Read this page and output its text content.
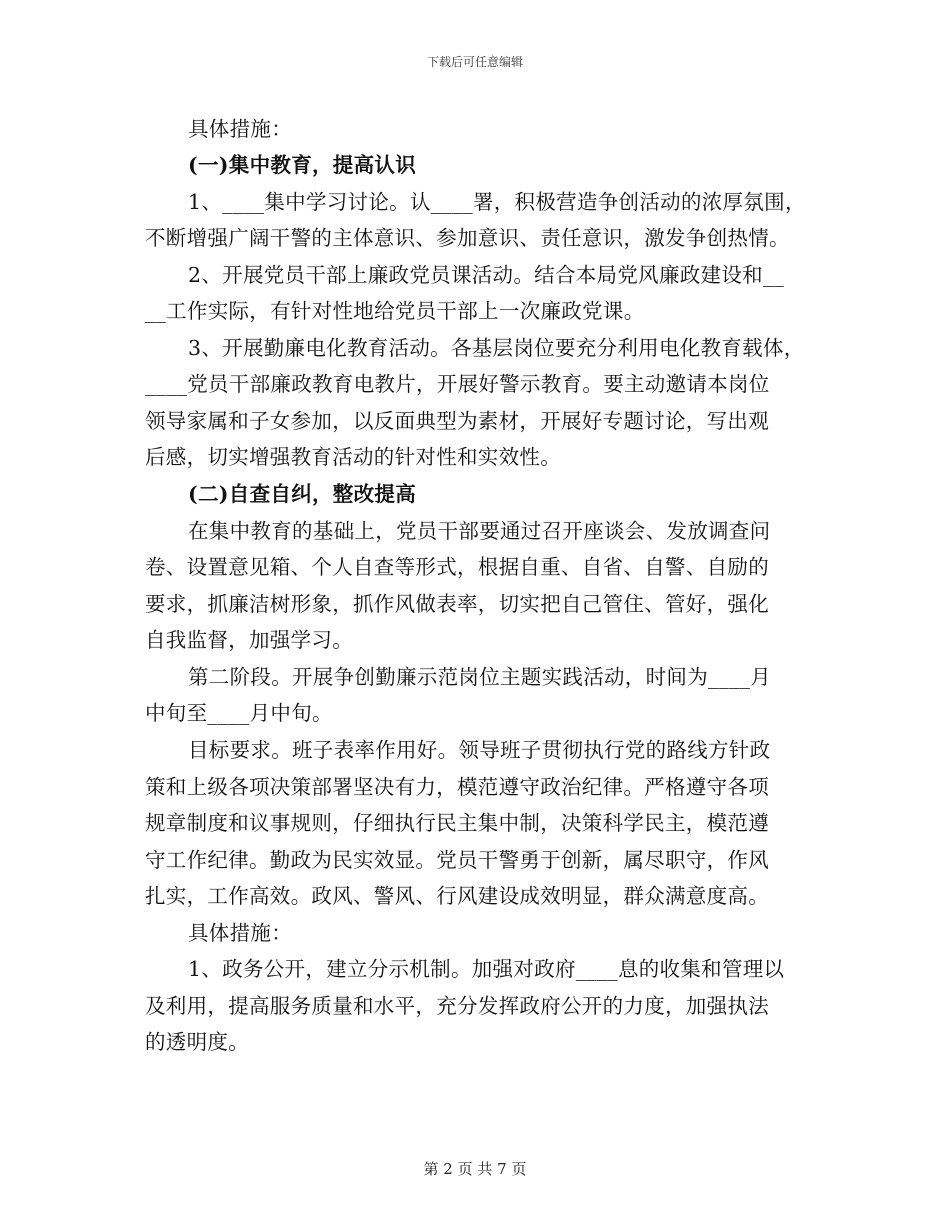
下载后可任意编辑
具体措施：
(一)集中教育，提高认识
1、____集中学习讨论。认____署，积极营造争创活动的浓厚氛围，
不断增强广阔干警的主体意识、参加意识、责任意识，激发争创热情。
2、开展党员干部上廉政党员课活动。结合本局党风廉政建设和__
__工作实际，有针对性地给党员干部上一次廉政党课。
3、开展勤廉电化教育活动。各基层岗位要充分利用电化教育载体，
____党员干部廉政教育电教片，开展好警示教育。要主动邀请本岗位
领导家属和子女参加，以反面典型为素材，开展好专题讨论，写出观
后感，切实增强教育活动的针对性和实效性。
(二)自查自纠，整改提高
在集中教育的基础上，党员干部要通过召开座谈会、发放调查问
卷、设置意见箱、个人自查等形式，根据自重、自省、自警、自励的
要求，抓廉洁树形象，抓作风做表率，切实把自己管住、管好，强化
自我监督，加强学习。
第二阶段。开展争创勤廉示范岗位主题实践活动，时间为____月
中旬至____月中旬。
目标要求。班子表率作用好。领导班子贯彻执行党的路线方针政
策和上级各项决策部署坚决有力，模范遵守政治纪律。严格遵守各项
规章制度和议事规则，仔细执行民主集中制，决策科学民主，模范遵
守工作纪律。勤政为民实效显。党员干警勇于创新，属尽职守，作风
扎实，工作高效。政风、警风、行风建设成效明显，群众满意度高。
具体措施：
1、政务公开，建立分示机制。加强对政府____息的收集和管理以
及利用，提高服务质量和水平，充分发挥政府公开的力度，加强执法
的透明度。
第 2 页 共 7 页
